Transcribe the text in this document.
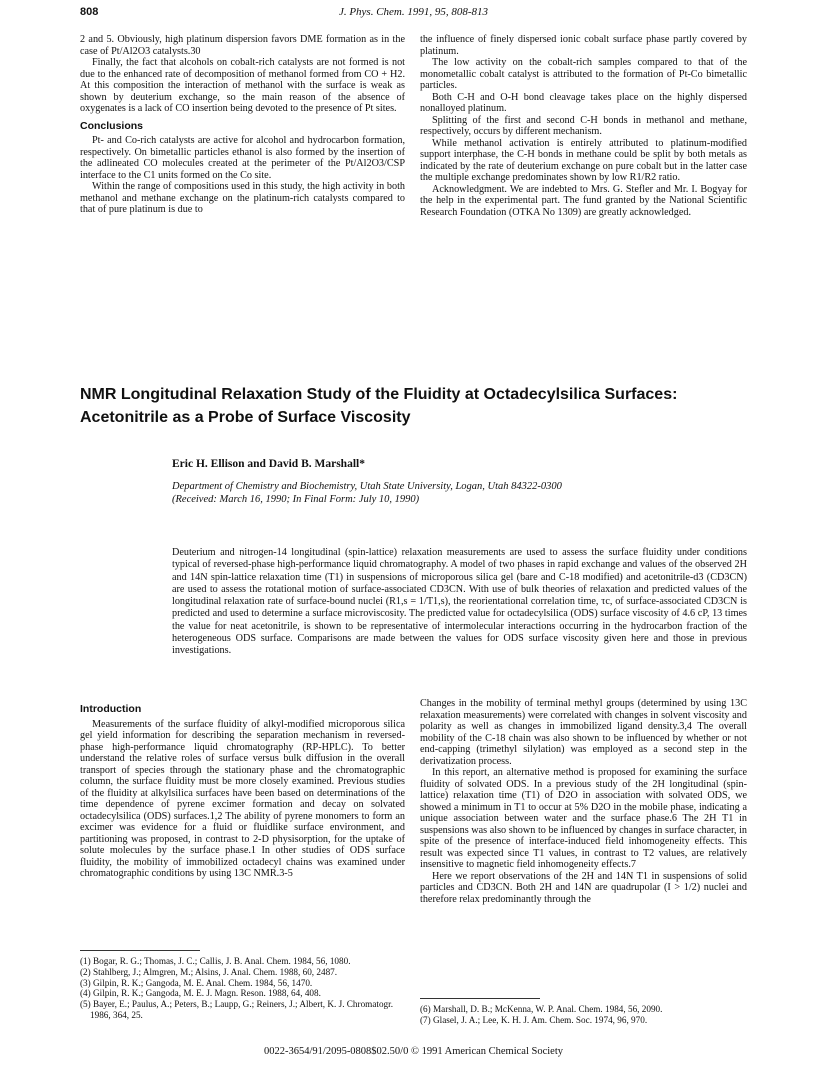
808	J. Phys. Chem. 1991, 95, 808-813

2 and 5. Obviously, high platinum dispersion favors DME formation as in the case of Pt/Al2O3 catalysts.30

Finally, the fact that alcohols on cobalt-rich catalysts are not formed is not due to the enhanced rate of decomposition of methanol formed from CO + H2. At this composition the interaction of methanol with the surface is weak as shown by deuterium exchange, so the main reason of the absence of oxygenates is a lack of CO insertion being devoted to the presence of Pt sites.

Conclusions

Pt- and Co-rich catalysts are active for alcohol and hydrocarbon formation, respectively. On bimetallic particles ethanol is also formed by the insertion of the adlineated CO molecules created at the perimeter of the Pt/Al2O3/CSP interface to the C1 units formed on the Co site.

Within the range of compositions used in this study, the high activity in both methanol and methane exchange on the platinum-rich catalysts compared to that of pure platinum is due to

the influence of finely dispersed ionic cobalt surface phase partly covered by platinum.

The low activity on the cobalt-rich samples compared to that of the monometallic cobalt catalyst is attributed to the formation of Pt-Co bimetallic particles.

Both C-H and O-H bond cleavage takes place on the highly dispersed nonalloyed platinum.

Splitting of the first and second C-H bonds in methanol and methane, respectively, occurs by different mechanism.

While methanol activation is entirely attributed to platinum-modified support interphase, the C-H bonds in methane could be split by both metals as indicated by the rate of deuterium exchange on pure cobalt but in the latter case the multiple exchange predominates shown by low R1/R2 ratio.

Acknowledgment. We are indebted to Mrs. G. Stefler and Mr. I. Bogyay for the help in the experimental part. The fund granted by the National Scientific Research Foundation (OTKA No 1309) are greatly acknowledged.

NMR Longitudinal Relaxation Study of the Fluidity at Octadecylsilica Surfaces:
Acetonitrile as a Probe of Surface Viscosity
Eric H. Ellison and David B. Marshall*
Department of Chemistry and Biochemistry, Utah State University, Logan, Utah 84322-0300
(Received: March 16, 1990; In Final Form: July 10, 1990)
Deuterium and nitrogen-14 longitudinal (spin-lattice) relaxation measurements are used to assess the surface fluidity under conditions typical of reversed-phase high-performance liquid chromatography. A model of two phases in rapid exchange and values of the observed 2H and 14N spin-lattice relaxation time (T1) in suspensions of microporous silica gel (bare and C-18 modified) and acetonitrile-d3 (CD3CN) are used to assess the rotational motion of surface-associated CD3CN. With use of bulk theories of relaxation and predicted values of the longitudinal relaxation rate of surface-bound nuclei (R1,s = 1/T1,s), the reorientational correlation time, τc, of surface-associated CD3CN is predicted and used to determine a surface microviscosity. The predicted value for octadecylsilica (ODS) surface viscosity of 4.6 cP, 13 times the value for neat acetonitrile, is shown to be representative of intermolecular interactions occurring in the hydrocarbon fraction of the heterogeneous ODS surface. Comparisons are made between the values for ODS surface viscosity given here and those in previous investigations.
Introduction

Measurements of the surface fluidity of alkyl-modified microporous silica gel yield information for describing the separation mechanism in reversed-phase high-performance liquid chromatography (RP-HPLC). To better understand the relative roles of surface versus bulk diffusion in the overall transport of species through the stationary phase and the chromatographic column, the surface fluidity must be more closely examined. Previous studies of the fluidity at alkylsilica surfaces have been based on determinations of the time dependence of pyrene excimer formation and decay on solvated octadecylsilica (ODS) surfaces.1,2 The ability of pyrene monomers to form an excimer was evidence for a fluid or fluidlike surface environment, and partitioning was proposed, in contrast to 2-D physisorption, for the uptake of solute molecules by the surface phase.1 In other studies of ODS surface fluidity, the mobility of immobilized octadecyl chains was examined under chromatographic conditions by using 13C NMR.3-5

Changes in the mobility of terminal methyl groups (determined by using 13C relaxation measurements) were correlated with changes in solvent viscosity and polarity as well as changes in immobilized ligand density.3,4 The overall mobility of the C-18 chain was also shown to be influenced by whether or not end-capping (trimethyl silylation) was employed as a second step in the derivatization process.

In this report, an alternative method is proposed for examining the surface fluidity of solvated ODS. In a previous study of the 2H longitudinal (spin-lattice) relaxation time (T1) of D2O in association with solvated ODS, we showed a minimum in T1 to occur at 5% D2O in the mobile phase, indicating a unique association between water and the surface phase.6 The 2H T1 in suspensions was also shown to be influenced by changes in surface character, in spite of the presence of interface-induced field inhomogeneity effects. This result was expected since T1 values, in contrast to T2 values, are relatively insensitive to magnetic field inhomogeneity effects.7

Here we report observations of the 2H and 14N T1 in suspensions of solid particles and CD3CN. Both 2H and 14N are quadrupolar (I > 1/2) nuclei and therefore relax predominantly through the

(1) Bogar, R. G.; Thomas, J. C.; Callis, J. B. Anal. Chem. 1984, 56, 1080.
(2) Stahlberg, J.; Almgren, M.; Alsins, J. Anal. Chem. 1988, 60, 2487.
(3) Gilpin, R. K.; Gangoda, M. E. Anal. Chem. 1984, 56, 1470.
(4) Gilpin, R. K.; Gangoda, M. E. J. Magn. Reson. 1988, 64, 408.
(5) Bayer, E.; Paulus, A.; Peters, B.; Laupp, G.; Reiners, J.; Albert, K. J. Chromatogr. 1986, 364, 25.
(6) Marshall, D. B.; McKenna, W. P. Anal. Chem. 1984, 56, 2090.
(7) Glasel, J. A.; Lee, K. H. J. Am. Chem. Soc. 1974, 96, 970.
0022-3654/91/2095-0808$02.50/0 © 1991 American Chemical Society
